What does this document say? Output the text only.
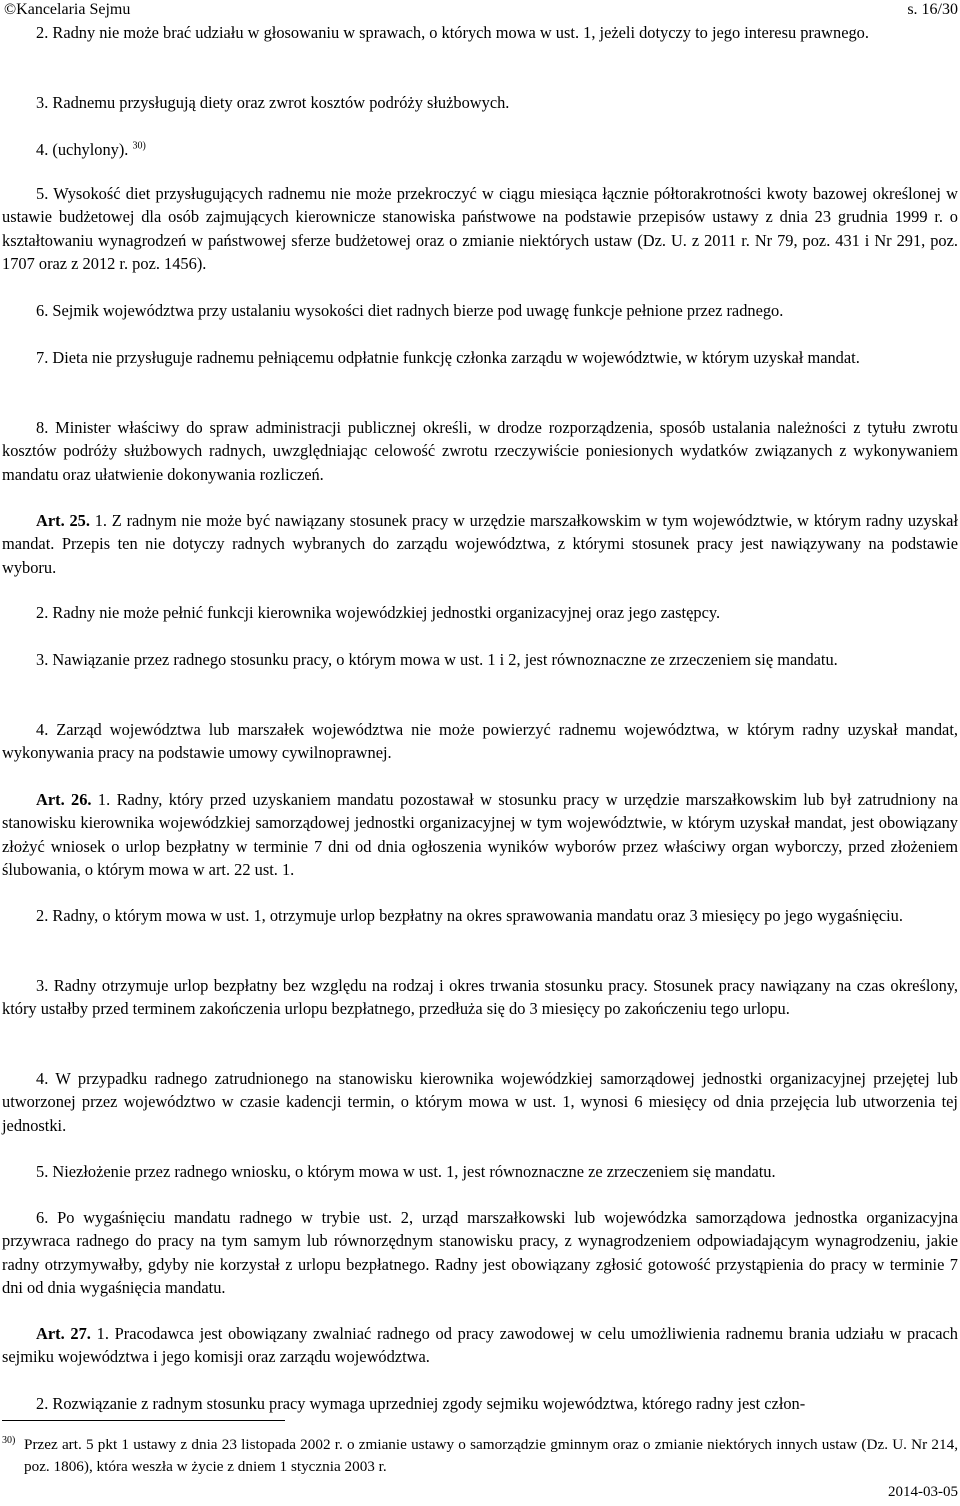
©Kancelaria Sejmu	s. 16/30

2. Radny nie może brać udziału w głosowaniu w sprawach, o których mowa w ust. 1, jeżeli dotyczy to jego interesu prawnego.

3. Radnemu przysługują diety oraz zwrot kosztów podróży służbowych.

4. (uchylony). $^{30)}$

5. Wysokość diet przysługujących radnemu nie może przekroczyć w ciągu miesiąca łącznie półtorakrotności kwoty bazowej określonej w ustawie budżetowej dla osób zajmujących kierownicze stanowiska państwowe na podstawie przepisów ustawy z dnia 23 grudnia 1999 r. o kształtowaniu wynagrodzeń w państwowej sferze budżetowej oraz o zmianie niektórych ustaw (Dz. U. z 2011 r. Nr 79, poz. 431 i Nr 291, poz. 1707 oraz z 2012 r. poz. 1456).

6. Sejmik województwa przy ustalaniu wysokości diet radnych bierze pod uwagę funkcje pełnione przez radnego.

7. Dieta nie przysługuje radnemu pełniącemu odpłatnie funkcję członka zarządu w województwie, w którym uzyskał mandat.

8. Minister właściwy do spraw administracji publicznej określi, w drodze rozporządzenia, sposób ustalania należności z tytułu zwrotu kosztów podróży służbowych radnych, uwzględniając celowość zwrotu rzeczywiście poniesionych wydatków związanych z wykonywaniem mandatu oraz ułatwienie dokonywania rozliczeń.

Art. 25. 1. Z radnym nie może być nawiązany stosunek pracy w urzędzie marszałkowskim w tym województwie, w którym radny uzyskał mandat. Przepis ten nie dotyczy radnych wybranych do zarządu województwa, z którymi stosunek pracy jest nawiązywany na podstawie wyboru.

2. Radny nie może pełnić funkcji kierownika wojewódzkiej jednostki organizacyjnej oraz jego zastępcy.

3. Nawiązanie przez radnego stosunku pracy, o którym mowa w ust. 1 i 2, jest równoznaczne ze zrzeczeniem się mandatu.

4. Zarząd województwa lub marszałek województwa nie może powierzyć radnemu województwa, w którym radny uzyskał mandat, wykonywania pracy na podstawie umowy cywilnoprawnej.

Art. 26. 1. Radny, który przed uzyskaniem mandatu pozostawał w stosunku pracy w urzędzie marszałkowskim lub był zatrudniony na stanowisku kierownika wojewódzkiej samorządowej jednostki organizacyjnej w tym województwie, w którym uzyskał mandat, jest obowiązany złożyć wniosek o urlop bezpłatny w terminie 7 dni od dnia ogłoszenia wyników wyborów przez właściwy organ wyborczy, przed złożeniem ślubowania, o którym mowa w art. 22 ust. 1.

2. Radny, o którym mowa w ust. 1, otrzymuje urlop bezpłatny na okres sprawowania mandatu oraz 3 miesięcy po jego wygaśnięciu.

3. Radny otrzymuje urlop bezpłatny bez względu na rodzaj i okres trwania stosunku pracy. Stosunek pracy nawiązany na czas określony, który ustałby przed terminem zakończenia urlopu bezpłatnego, przedłuża się do 3 miesięcy po zakończeniu tego urlopu.

4. W przypadku radnego zatrudnionego na stanowisku kierownika wojewódzkiej samorządowej jednostki organizacyjnej przejętej lub utworzonej przez województwo w czasie kadencji termin, o którym mowa w ust. 1, wynosi 6 miesięcy od dnia przejęcia lub utworzenia tej jednostki.

5. Niezłożenie przez radnego wniosku, o którym mowa w ust. 1, jest równoznaczne ze zrzeczeniem się mandatu.

6. Po wygaśnięciu mandatu radnego w trybie ust. 2, urząd marszałkowski lub wojewódzka samorządowa jednostka organizacyjna przywraca radnego do pracy na tym samym lub równorzędnym stanowisku pracy, z wynagrodzeniem odpowiadającym wynagrodzeniu, jakie radny otrzymywałby, gdyby nie korzystał z urlopu bezpłatnego. Radny jest obowiązany zgłosić gotowość przystąpienia do pracy w terminie 7 dni od dnia wygaśnięcia mandatu.

Art. 27. 1. Pracodawca jest obowiązany zwalniać radnego od pracy zawodowej w celu umożliwienia radnemu brania udziału w pracach sejmiku województwa i jego komisji oraz zarządu województwa.

2. Rozwiązanie z radnym stosunku pracy wymaga uprzedniej zgody sejmiku województwa, którego radny jest człon-

$^{30)}$ Przez art. 5 pkt 1 ustawy z dnia 23 listopada 2002 r. o zmianie ustawy o samorządzie gminnym oraz o zmianie niektórych innych ustaw (Dz. U. Nr 214, poz. 1806), która weszła w życie z dniem 1 stycznia 2003 r.
2014-03-05
